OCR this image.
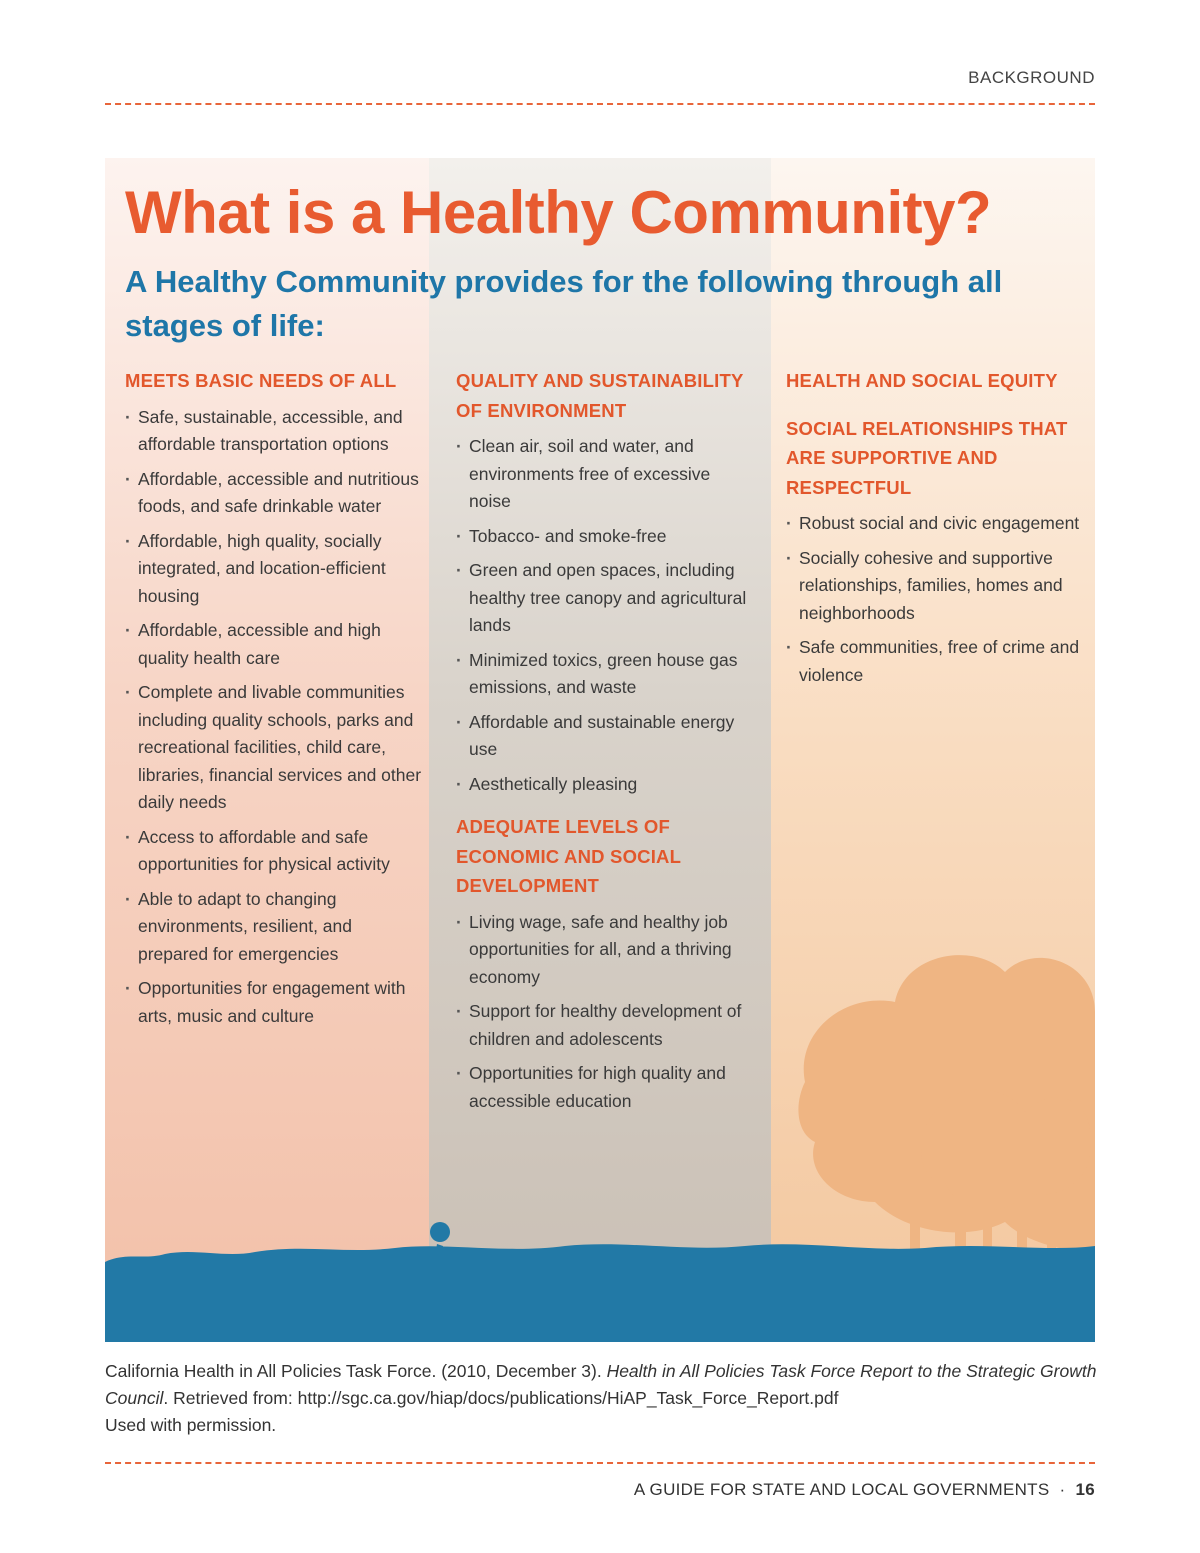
BACKGROUND
What is a Healthy Community?
A Healthy Community provides for the following through all stages of life:
MEETS BASIC NEEDS OF ALL
· Safe, sustainable, accessible, and affordable transportation options
· Affordable, accessible and nutritious foods, and safe drinkable water
· Affordable, high quality, socially integrated, and location-efficient housing
· Affordable, accessible and high quality health care
· Complete and livable communities including quality schools, parks and recreational facilities, child care, libraries, financial services and other daily needs
· Access to affordable and safe opportunities for physical activity
· Able to adapt to changing environments, resilient, and prepared for emergencies
· Opportunities for engagement with arts, music and culture
QUALITY AND SUSTAINABILITY OF ENVIRONMENT
· Clean air, soil and water, and environments free of excessive noise
· Tobacco- and smoke-free
· Green and open spaces, including healthy tree canopy and agricultural lands
· Minimized toxics, green house gas emissions, and waste
· Affordable and sustainable energy use
· Aesthetically pleasing
ADEQUATE LEVELS OF ECONOMIC AND SOCIAL DEVELOPMENT
· Living wage, safe and healthy job opportunities for all, and a thriving economy
· Support for healthy development of children and adolescents
· Opportunities for high quality and accessible education
HEALTH AND SOCIAL EQUITY
SOCIAL RELATIONSHIPS THAT ARE SUPPORTIVE AND RESPECTFUL
· Robust social and civic engagement
· Socially cohesive and supportive relationships, families, homes and neighborhoods
· Safe communities, free of crime and violence
California Health in All Policies Task Force. (2010, December 3). Health in All Policies Task Force Report to the Strategic Growth Council. Retrieved from: http://sgc.ca.gov/hiap/docs/publications/HiAP_Task_Force_Report.pdf
Used with permission.
A GUIDE FOR STATE AND LOCAL GOVERNMENTS · 16
